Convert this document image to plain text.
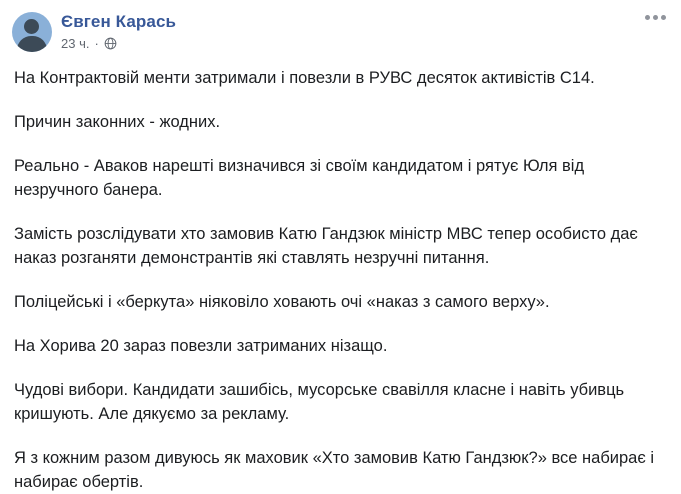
Євген Карась
23 ч. ·

На Контрактовій менти затримали і повезли в РУВС десяток активістів С14.

Причин законних - жодних.

Реально - Аваков нарешті визначився зі своїм кандидатом і рятує Юля від незручного банера.

Замість розслідувати хто замовив Катю Гандзюк міністр МВС тепер особисто дає наказ розганяти демонстрантів які ставлять незручні питання.

Поліцейські і «беркута» ніяковіло ховають очі «наказ з самого верху».

На Хорива 20 зараз повезли затриманих нізащо.

Чудові вибори. Кандидати зашибісь, мусорське свавілля класне і навіть убивць кришують. Але дякуємо за рекламу.

Я з кожним разом дивуюсь як маховик «Хто замовив Катю Гандзюк?» все набирає і набирає обертів.
